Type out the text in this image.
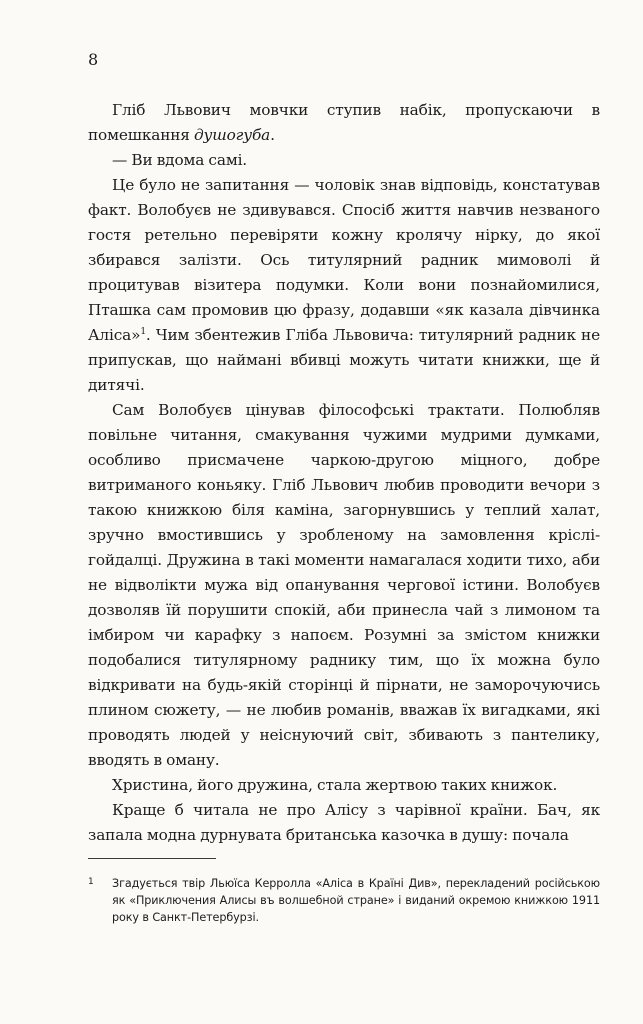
8

Гліб Львович мовчки ступив набік, пропускаючи в помешкання душогуба.

— Ви вдома самі.

Це було не запитання — чоловік знав відповідь, констатував факт. Волобуєв не здивувався. Спосіб життя навчив незваного гостя ретельно перевіряти кожну кролячу нірку, до якої збирався залізти. Ось титулярний радник мимоволі й процитував візитера подумки. Коли вони познайомилися, Пташка сам промовив цю фразу, додавши «як казала дівчинка Аліса»$^1$. Чим збентежив Гліба Львовича: титулярний радник не припускав, що наймані вбивці можуть читати книжки, ще й дитячі.

Сам Волобуєв цінував філософські трактати. Полюбляв повільне читання, смакування чужими мудрими думками, особливо присмачене чаркою-другою міцного, добре витриманого коньяку. Гліб Львович любив проводити вечори з такою книжкою біля каміна, загорнувшись у теплий халат, зручно вмостившись у зробленому на замовлення кріслі-гойдалці. Дружина в такі моменти намагалася ходити тихо, аби не відволікти мужа від опанування чергової істини. Волобуєв дозволяв їй порушити спокій, аби принесла чай з лимоном та імбиром чи карафку з напоєм. Розумні за змістом книжки подобалися титулярному раднику тим, що їх можна було відкривати на будь-якій сторінці й пірнати, не заморочуючись плином сюжету, — не любив романів, вважав їх вигадками, які проводять людей у неіснуючий світ, збивають з пантелику, вводять в оману.

Христина, його дружина, стала жертвою таких книжок.

Краще б читала не про Алісу з чарівної країни. Бач, як запала модна дурнувата британська казочка в душу: почала

1	Згадується твір Льюїса Керролла «Аліса в Країні Див», перекладений російською як «Приключения Алисы въ волшебной стране» і виданий окремою книжкою 1911 року в Санкт-Петербурзі.
